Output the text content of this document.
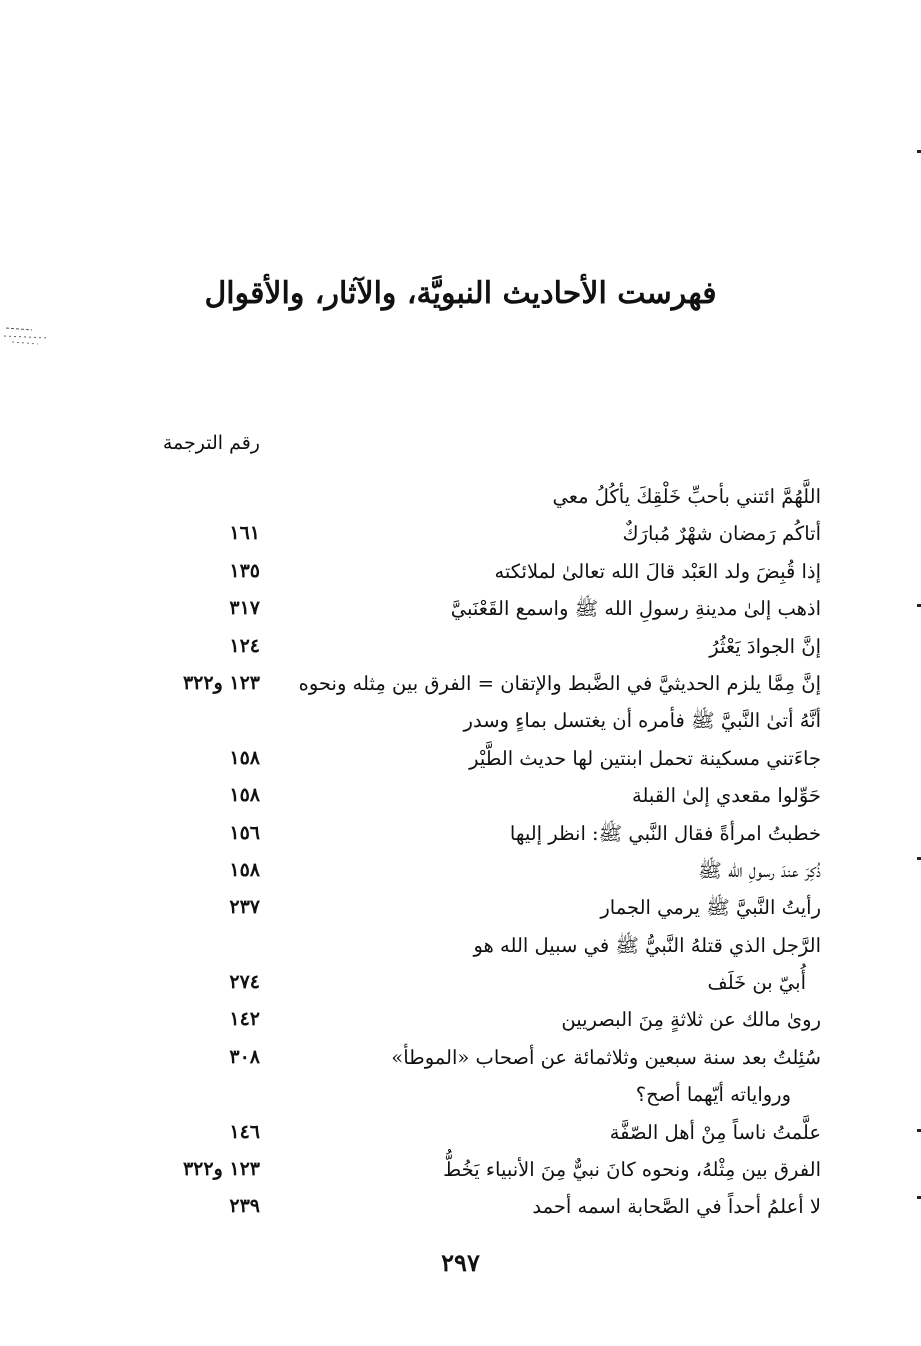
فهرست الأحاديث النبويَّة، والآثار، والأقوال
رقم الترجمة
اللَّهُمَّ ائتني بأحبِّ خَلْقِكَ يأكُلُ معي
أتاكُم رَمضان شهْرٌ مُبارَكٌ
١٦١
إذا قُبِضَ ولد العَبْد قالَ الله تعالىٰ لملائكته
١٣٥
اذهب إلىٰ مدينةِ رسولِ الله ﷺ واسمع القَعْنَبيَّ
٣١٧
إنَّ الجوادَ يَعْثُرُ
١٢٤
إنَّ مِمَّا يلزم الحديثيَّ في الضَّبط والإتقان = الفرق بين مِثله ونحوه
١٢٣ و٣٢٢
أنَّهُ أتىٰ النَّبيَّ ﷺ فأمره أن يغتسل بماءٍ وسدر
جاءَتني مسكينة تحمل ابنتين لها حديث الطَّيْر
١٥٨
حَوِّلوا مقعدي إلىٰ القبلة
١٥٨
خطبتُ امرأةً فقال النَّبي ﷺ: انظر إليها
١٥٦
ذُكِرَ عندَ رسولِ الله ﷺ
١٥٨
رأيتُ النَّبيَّ ﷺ يرمي الجمار
٢٣٧
الرَّجل الذي قتلهُ النَّبيُّ ﷺ في سبيل الله هو
أُبيّ بن خَلَف
٢٧٤
روىٰ مالك عن ثلاثةٍ مِنَ البصريين
١٤٢
سُئِلتُ بعد سنة سبعين وثلاثمائة عن أصحاب «الموطأ»
٣٠٨
ورواياته أيّهما أصح؟
علَّمتُ ناساً مِنْ أهل الصّفَّة
١٤٦
الفرق بين مِثْلهُ، ونحوه كانَ نبيٌّ مِنَ الأنبياء يَخُطُّ
١٢٣ و٣٢٢
لا أعلمُ أحداً في الصَّحابة اسمه أحمد
٢٣٩
٢٩٧
